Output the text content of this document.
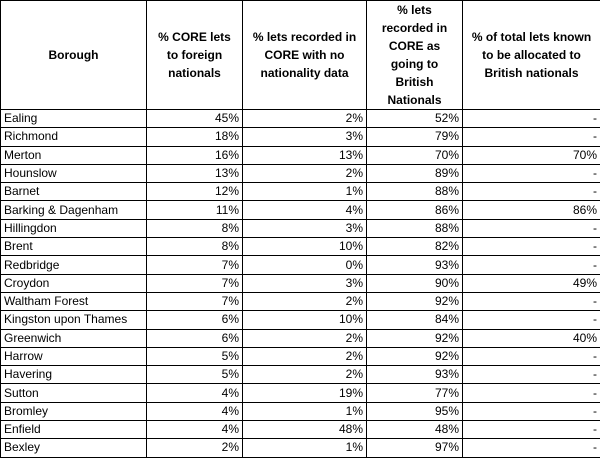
Borough	% CORE lets to foreign nationals	% lets recorded in CORE with no nationality data	% lets recorded in CORE as going to British Nationals	% of total lets known to be allocated to British nationals
Ealing	45%	2%	52%	-
Richmond	18%	3%	79%	-
Merton	16%	13%	70%	70%
Hounslow	13%	2%	89%	-
Barnet	12%	1%	88%	-
Barking & Dagenham	11%	4%	86%	86%
Hillingdon	8%	3%	88%	-
Brent	8%	10%	82%	-
Redbridge	7%	0%	93%	-
Croydon	7%	3%	90%	49%
Waltham Forest	7%	2%	92%	-
Kingston upon Thames	6%	10%	84%	-
Greenwich	6%	2%	92%	40%
Harrow	5%	2%	92%	-
Havering	5%	2%	93%	-
Sutton	4%	19%	77%	-
Bromley	4%	1%	95%	-
Enfield	4%	48%	48%	-
Bexley	2%	1%	97%	-
